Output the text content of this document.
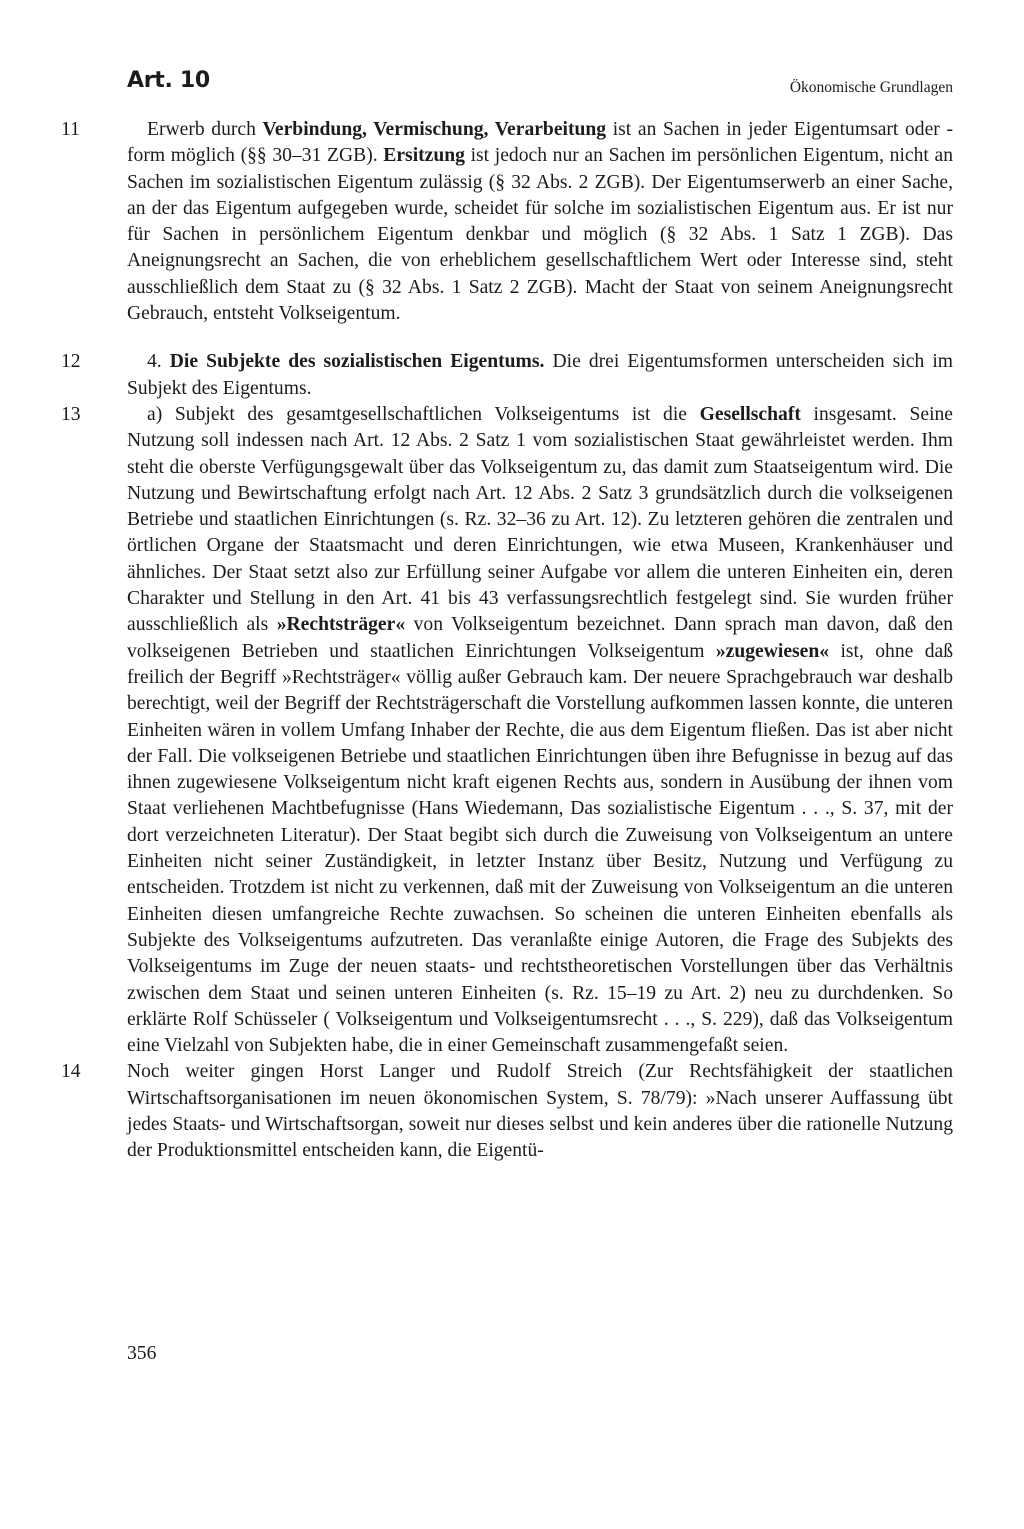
Art. 10	Ökonomische Grundlagen

11	Erwerb durch Verbindung, Vermischung, Verarbeitung ist an Sachen in jeder Eigentumsart oder -form möglich (§§ 30–31 ZGB). Ersitzung ist jedoch nur an Sachen im persönlichen Eigentum, nicht an Sachen im sozialistischen Eigentum zulässig (§ 32 Abs. 2 ZGB). Der Eigentumserwerb an einer Sache, an der das Eigentum aufgegeben wurde, scheidet für solche im sozialistischen Eigentum aus. Er ist nur für Sachen in persönlichem Eigentum denkbar und möglich (§ 32 Abs. 1 Satz 1 ZGB). Das Aneignungsrecht an Sachen, die von erheblichem gesellschaftlichem Wert oder Interesse sind, steht ausschließlich dem Staat zu (§ 32 Abs. 1 Satz 2 ZGB). Macht der Staat von seinem Aneignungsrecht Gebrauch, entsteht Volkseigentum.

12	4. Die Subjekte des sozialistischen Eigentums. Die drei Eigentumsformen unterscheiden sich im Subjekt des Eigentums.

13	a) Subjekt des gesamtgesellschaftlichen Volkseigentums ist die Gesellschaft insgesamt. Seine Nutzung soll indessen nach Art. 12 Abs. 2 Satz 1 vom sozialistischen Staat gewährleistet werden. Ihm steht die oberste Verfügungsgewalt über das Volkseigentum zu, das damit zum Staatseigentum wird. Die Nutzung und Bewirtschaftung erfolgt nach Art. 12 Abs. 2 Satz 3 grundsätzlich durch die volkseigenen Betriebe und staatlichen Einrichtungen (s. Rz. 32–36 zu Art. 12). Zu letzteren gehören die zentralen und örtlichen Organe der Staatsmacht und deren Einrichtungen, wie etwa Museen, Krankenhäuser und ähnliches. Der Staat setzt also zur Erfüllung seiner Aufgabe vor allem die unteren Einheiten ein, deren Charakter und Stellung in den Art. 41 bis 43 verfassungsrechtlich festgelegt sind. Sie wurden früher ausschließlich als »Rechtsträger« von Volkseigentum bezeichnet. Dann sprach man davon, daß den volkseigenen Betrieben und staatlichen Einrichtungen Volkseigentum »zugewiesen« ist, ohne daß freilich der Begriff »Rechtsträger« völlig außer Gebrauch kam. Der neuere Sprachgebrauch war deshalb berechtigt, weil der Begriff der Rechtsträgerschaft die Vorstellung aufkommen lassen konnte, die unteren Einheiten wären in vollem Umfang Inhaber der Rechte, die aus dem Eigentum fließen. Das ist aber nicht der Fall. Die volkseigenen Betriebe und staatlichen Einrichtungen üben ihre Befugnisse in bezug auf das ihnen zugewiesene Volkseigentum nicht kraft eigenen Rechts aus, sondern in Ausübung der ihnen vom Staat verliehenen Machtbefugnisse (Hans Wiedemann, Das sozialistische Eigentum . . ., S. 37, mit der dort verzeichneten Literatur). Der Staat begibt sich durch die Zuweisung von Volkseigentum an untere Einheiten nicht seiner Zuständigkeit, in letzter Instanz über Besitz, Nutzung und Verfügung zu entscheiden. Trotzdem ist nicht zu verkennen, daß mit der Zuweisung von Volkseigentum an die unteren Einheiten diesen umfangreiche Rechte zuwachsen. So scheinen die unteren Einheiten ebenfalls als Subjekte des Volkseigentums aufzutreten. Das veranlaßte einige Autoren, die Frage des Subjekts des Volkseigentums im Zuge der neuen staats- und rechtstheoretischen Vorstellungen über das Verhältnis zwischen dem Staat und seinen unteren Einheiten (s. Rz. 15–19 zu Art. 2) neu zu durchdenken. So erklärte Rolf Schüsseler ( Volkseigentum und Volkseigentumsrecht . . ., S. 229), daß das Volkseigentum eine Vielzahl von Subjekten habe, die in einer Gemeinschaft zusammengefaßt seien.

14 Noch weiter gingen Horst Langer und Rudolf Streich (Zur Rechtsfähigkeit der staatlichen Wirtschaftsorganisationen im neuen ökonomischen System, S. 78/79): »Nach unserer Auffassung übt jedes Staats- und Wirtschaftsorgan, soweit nur dieses selbst und kein anderes über die rationelle Nutzung der Produktionsmittel entscheiden kann, die Eigentü-

356
